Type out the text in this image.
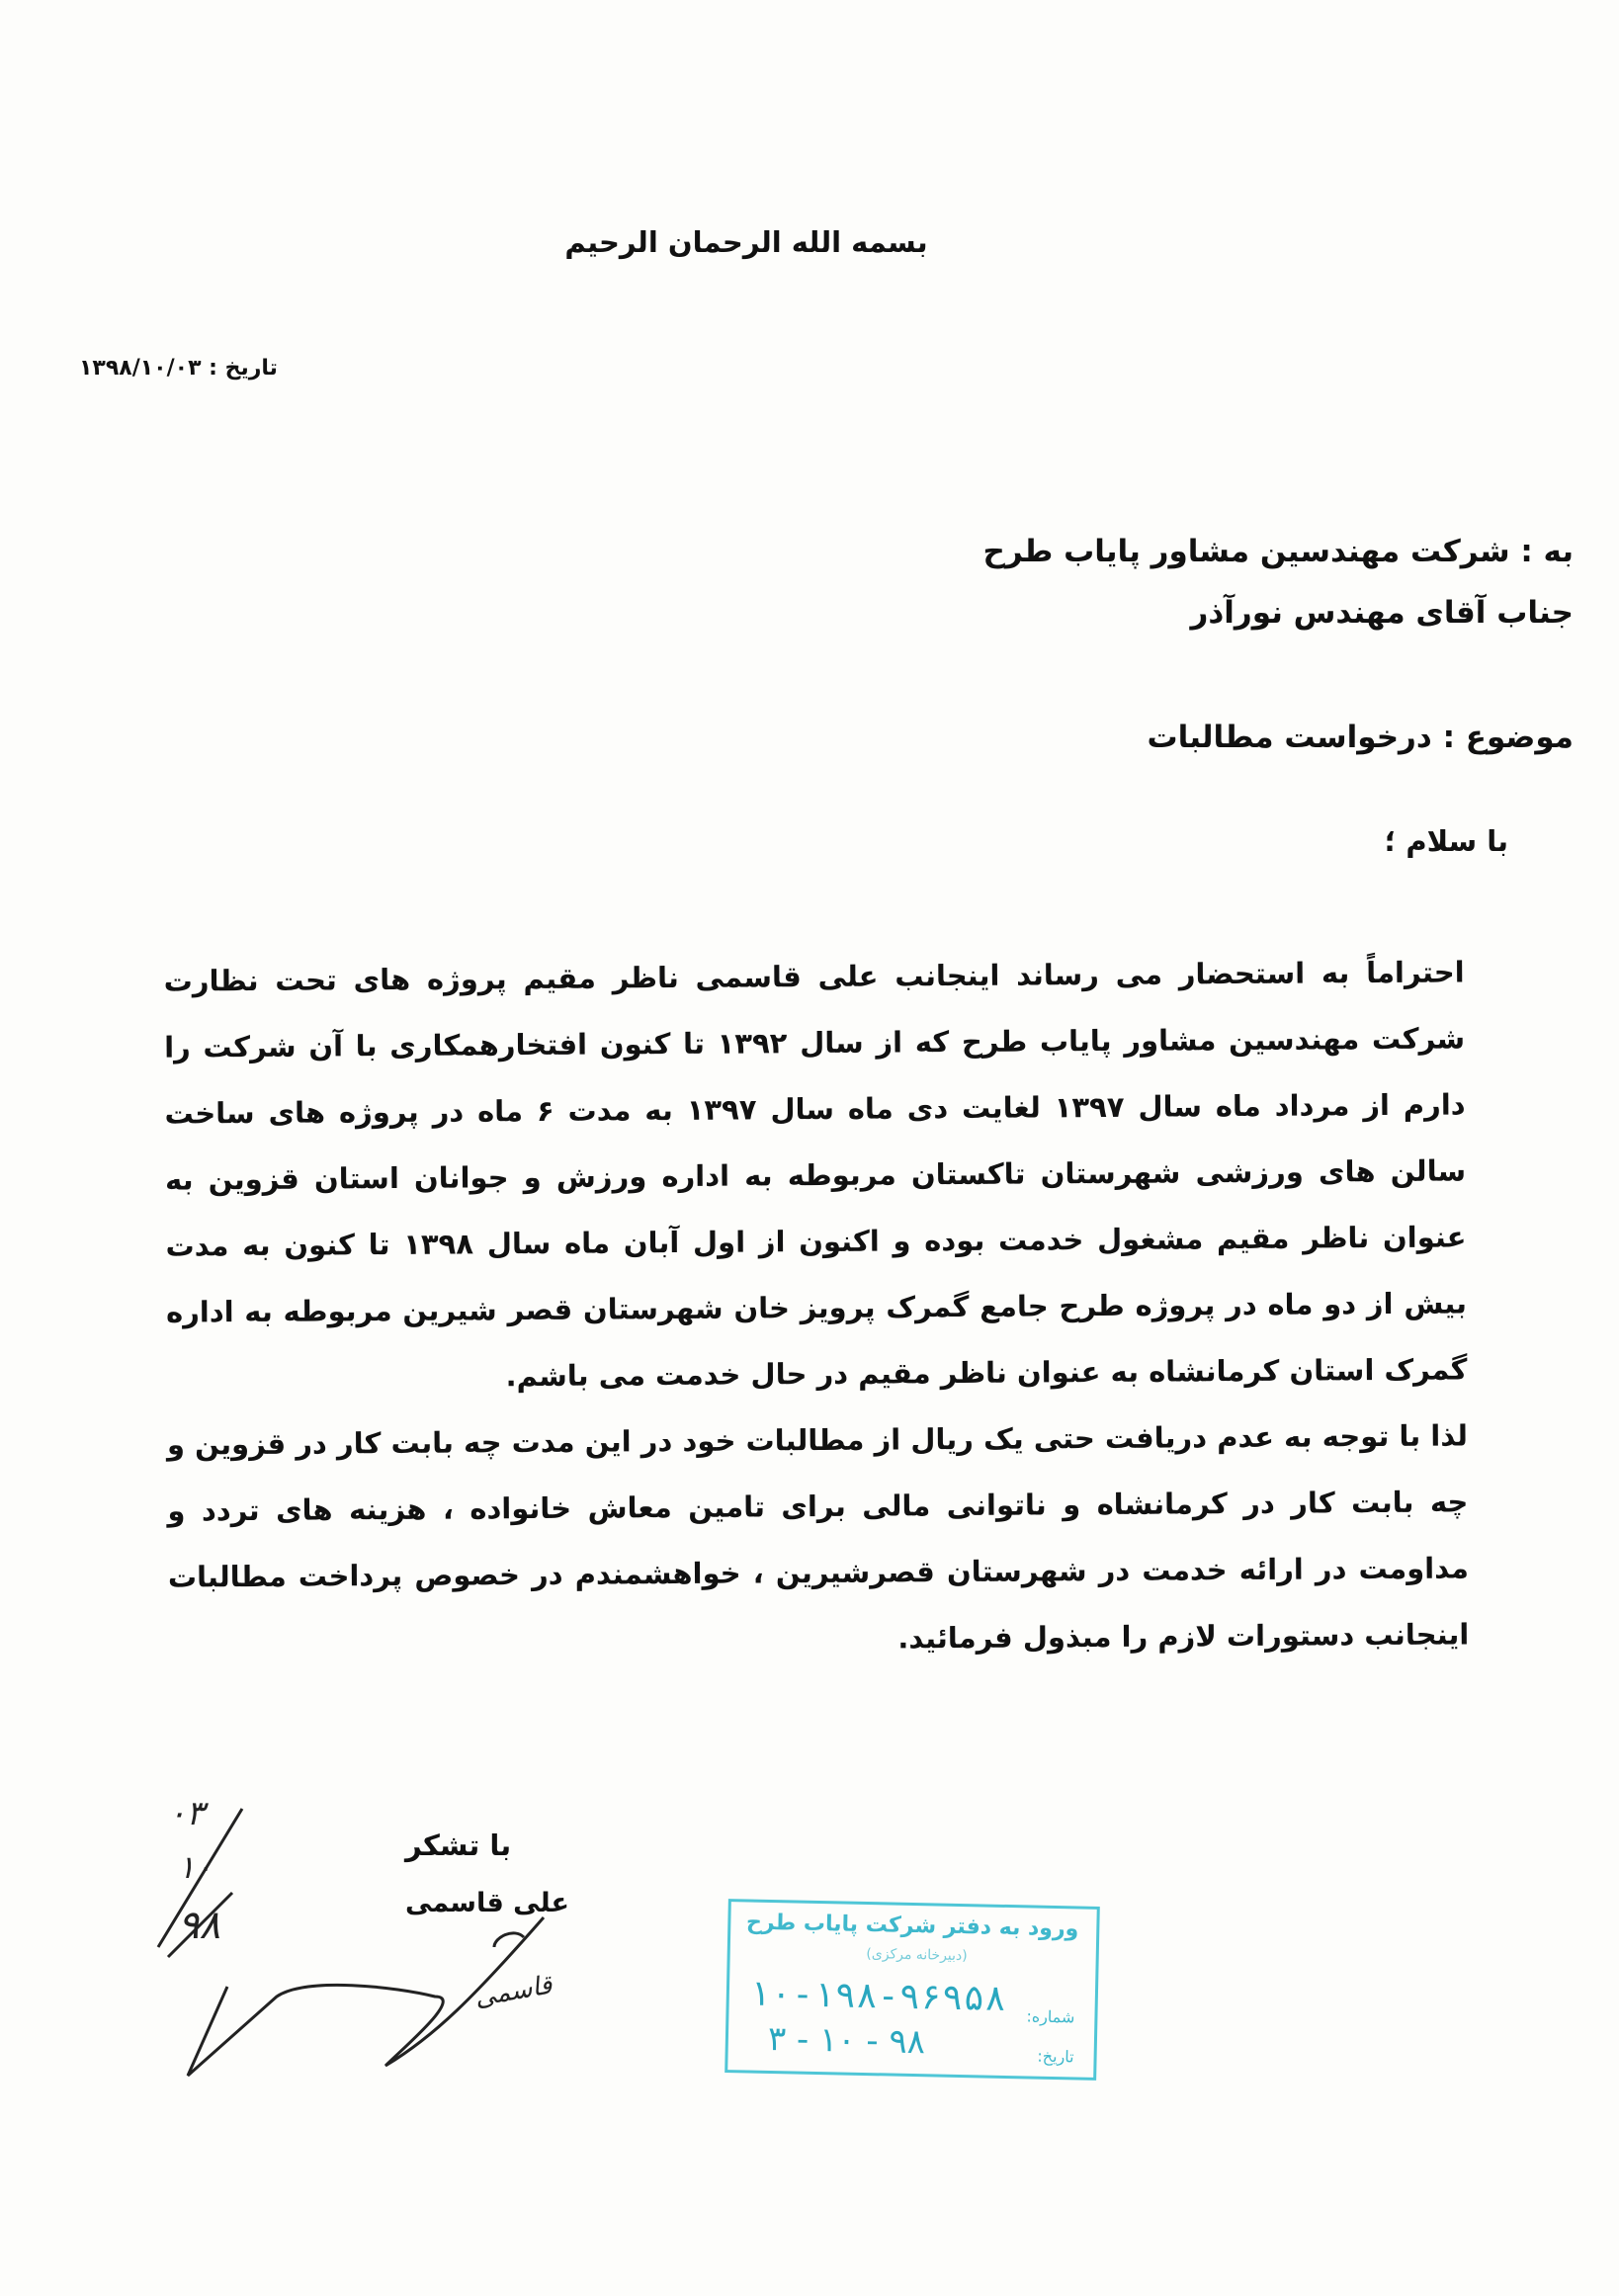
بسمه الله الرحمان الرحیم
تاریخ : ۱۳۹۸/۱۰/۰۳
به : شرکت مهندسین مشاور پایاب طرح
جناب آقای مهندس نورآذر
موضوع : درخواست مطالبات
با سلام ؛

احتراماً به استحضار می رساند اینجانب علی قاسمی ناظر مقیم پروژه های تحت نظارت شرکت مهندسین مشاور پایاب طرح که از سال ۱۳۹۲ تا کنون افتخارهمکاری با آن شرکت را دارم از مرداد ماه سال ۱۳۹۷ لغایت دی ماه سال ۱۳۹۷ به مدت ۶ ماه در پروژه های ساخت سالن های ورزشی شهرستان تاکستان مربوطه به اداره ورزش و جوانان استان قزوین به عنوان ناظر مقیم مشغول خدمت بوده و اکنون از اول آبان ماه سال ۱۳۹۸ تا کنون به مدت بیش از دو ماه در پروژه طرح جامع گمرک پرویز خان شهرستان قصر شیرین مربوطه به اداره گمرک استان کرمانشاه به عنوان ناظر مقیم در حال خدمت می باشم.

لذا با توجه به عدم دریافت حتی یک ریال از مطالبات خود در این مدت چه بابت کار در قزوین و چه بابت کار در کرمانشاه و ناتوانی مالی برای تامین معاش خانواده ، هزینه های تردد و مداومت در ارائه خدمت در شهرستان قصرشیرین ، خواهشمندم در خصوص پرداخت مطالبات اینجانب دستورات لازم را مبذول فرمائید.

با تشکر
علی قاسمی
۰۳
۱۰
۹۸
قاسمی
ورود به دفتر شرکت پایاب طرح
(دبیرخانه مرکزی)
شماره:
تاریخ:
۱۰-۱۹۸-۹۶۹۵۸
۹۸ - ۱۰ - ۳
